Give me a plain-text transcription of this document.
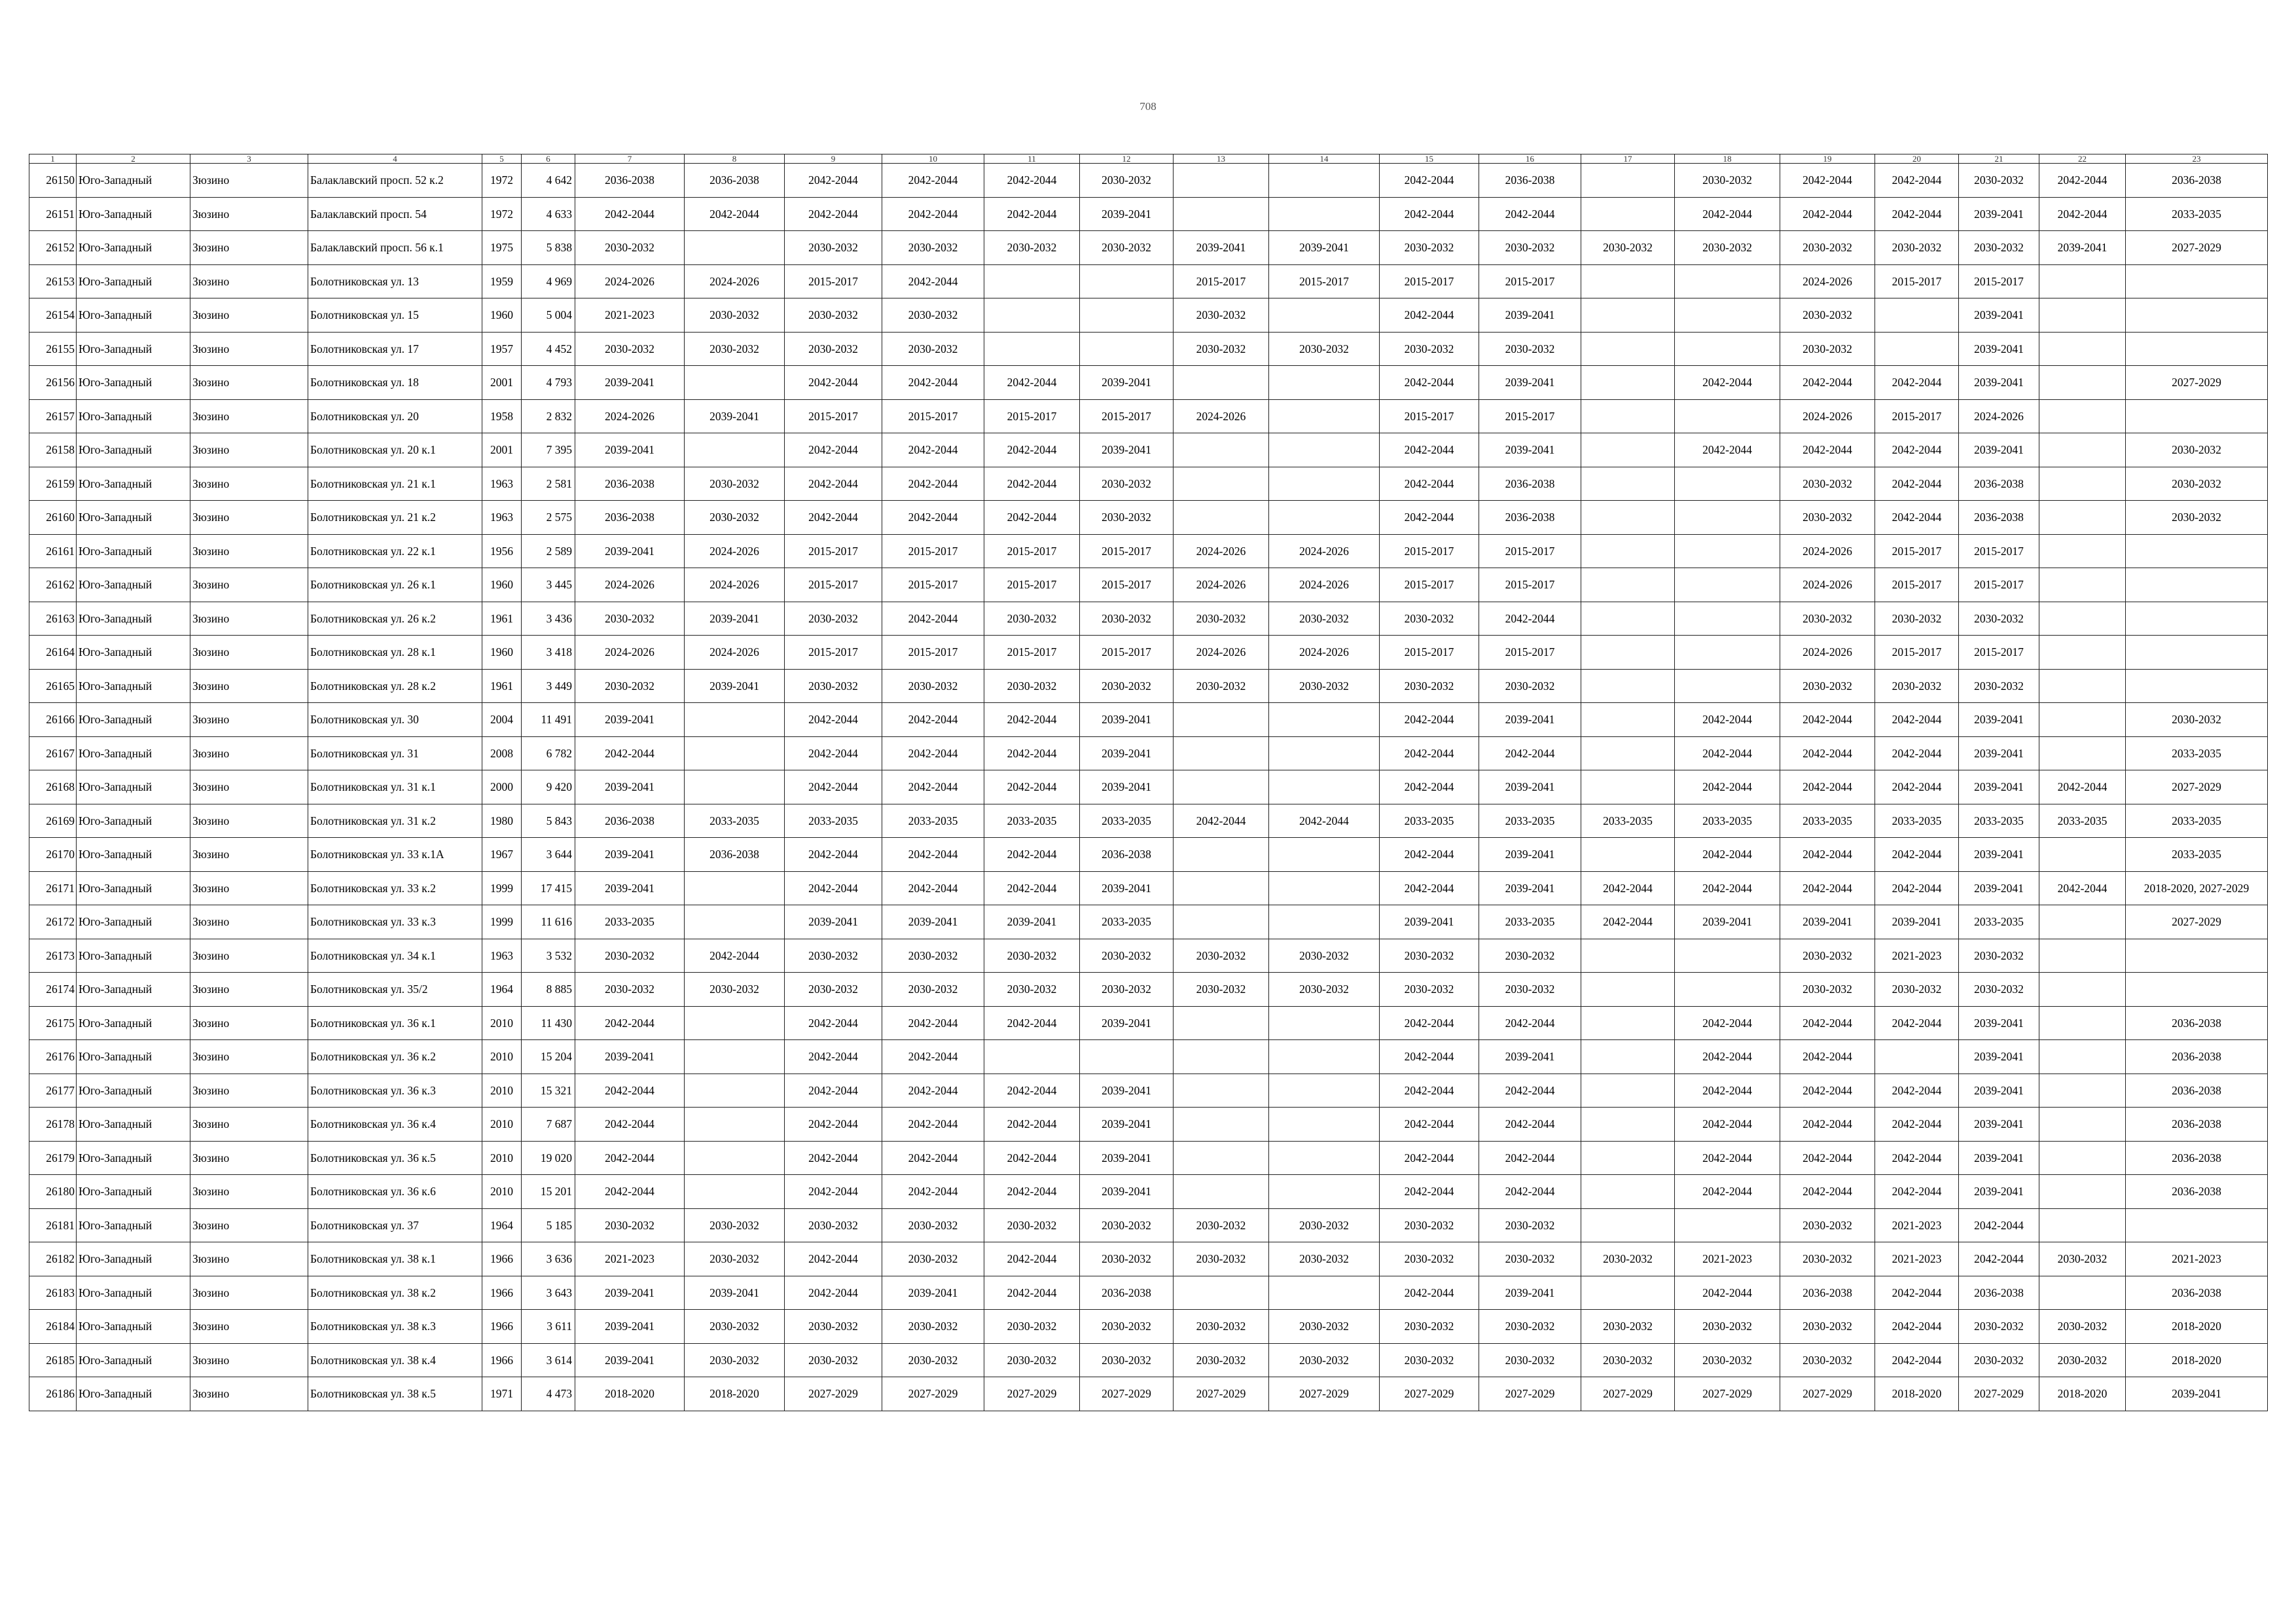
708
1	2	3	4	5	6	7	8	9	10	11	12	13	14	15	16	17	18	19	20	21	22	23
26150	Юго-Западный	Зюзино	Балаклавский просп. 52 к.2	1972	4 642	2036-2038	2036-2038	2042-2044	2042-2044	2042-2044	2030-2032			2042-2044	2036-2038		2030-2032	2042-2044	2042-2044	2030-2032	2042-2044	2036-2038
26151	Юго-Западный	Зюзино	Балаклавский просп. 54	1972	4 633	2042-2044	2042-2044	2042-2044	2042-2044	2042-2044	2039-2041			2042-2044	2042-2044		2042-2044	2042-2044	2042-2044	2039-2041	2042-2044	2033-2035
26152	Юго-Западный	Зюзино	Балаклавский просп. 56 к.1	1975	5 838	2030-2032		2030-2032	2030-2032	2030-2032	2030-2032	2039-2041	2039-2041	2030-2032	2030-2032	2030-2032	2030-2032	2030-2032	2030-2032	2030-2032	2039-2041	2027-2029
26153	Юго-Западный	Зюзино	Болотниковская ул. 13	1959	4 969	2024-2026	2024-2026	2015-2017	2042-2044			2015-2017	2015-2017	2015-2017	2015-2017			2024-2026	2015-2017	2015-2017		
26154	Юго-Западный	Зюзино	Болотниковская ул. 15	1960	5 004	2021-2023	2030-2032	2030-2032	2030-2032			2030-2032		2042-2044	2039-2041			2030-2032		2039-2041		
26155	Юго-Западный	Зюзино	Болотниковская ул. 17	1957	4 452	2030-2032	2030-2032	2030-2032	2030-2032			2030-2032	2030-2032	2030-2032	2030-2032			2030-2032		2039-2041		
26156	Юго-Западный	Зюзино	Болотниковская ул. 18	2001	4 793	2039-2041		2042-2044	2042-2044	2042-2044	2039-2041			2042-2044	2039-2041		2042-2044	2042-2044	2042-2044	2039-2041		2027-2029
26157	Юго-Западный	Зюзино	Болотниковская ул. 20	1958	2 832	2024-2026	2039-2041	2015-2017	2015-2017	2015-2017	2015-2017	2024-2026		2015-2017	2015-2017			2024-2026	2015-2017	2024-2026		
26158	Юго-Западный	Зюзино	Болотниковская ул. 20 к.1	2001	7 395	2039-2041		2042-2044	2042-2044	2042-2044	2039-2041			2042-2044	2039-2041		2042-2044	2042-2044	2042-2044	2039-2041		2030-2032
26159	Юго-Западный	Зюзино	Болотниковская ул. 21 к.1	1963	2 581	2036-2038	2030-2032	2042-2044	2042-2044	2042-2044	2030-2032			2042-2044	2036-2038			2030-2032	2042-2044	2036-2038		2030-2032
26160	Юго-Западный	Зюзино	Болотниковская ул. 21 к.2	1963	2 575	2036-2038	2030-2032	2042-2044	2042-2044	2042-2044	2030-2032			2042-2044	2036-2038			2030-2032	2042-2044	2036-2038		2030-2032
26161	Юго-Западный	Зюзино	Болотниковская ул. 22 к.1	1956	2 589	2039-2041	2024-2026	2015-2017	2015-2017	2015-2017	2015-2017	2024-2026	2024-2026	2015-2017	2015-2017			2024-2026	2015-2017	2015-2017		
26162	Юго-Западный	Зюзино	Болотниковская ул. 26 к.1	1960	3 445	2024-2026	2024-2026	2015-2017	2015-2017	2015-2017	2015-2017	2024-2026	2024-2026	2015-2017	2015-2017			2024-2026	2015-2017	2015-2017		
26163	Юго-Западный	Зюзино	Болотниковская ул. 26 к.2	1961	3 436	2030-2032	2039-2041	2030-2032	2042-2044	2030-2032	2030-2032	2030-2032	2030-2032	2030-2032	2042-2044			2030-2032	2030-2032	2030-2032		
26164	Юго-Западный	Зюзино	Болотниковская ул. 28 к.1	1960	3 418	2024-2026	2024-2026	2015-2017	2015-2017	2015-2017	2015-2017	2024-2026	2024-2026	2015-2017	2015-2017			2024-2026	2015-2017	2015-2017		
26165	Юго-Западный	Зюзино	Болотниковская ул. 28 к.2	1961	3 449	2030-2032	2039-2041	2030-2032	2030-2032	2030-2032	2030-2032	2030-2032	2030-2032	2030-2032	2030-2032			2030-2032	2030-2032	2030-2032		
26166	Юго-Западный	Зюзино	Болотниковская ул. 30	2004	11 491	2039-2041		2042-2044	2042-2044	2042-2044	2039-2041			2042-2044	2039-2041		2042-2044	2042-2044	2042-2044	2039-2041		2030-2032
26167	Юго-Западный	Зюзино	Болотниковская ул. 31	2008	6 782	2042-2044		2042-2044	2042-2044	2042-2044	2039-2041			2042-2044	2042-2044		2042-2044	2042-2044	2042-2044	2039-2041		2033-2035
26168	Юго-Западный	Зюзино	Болотниковская ул. 31 к.1	2000	9 420	2039-2041		2042-2044	2042-2044	2042-2044	2039-2041			2042-2044	2039-2041		2042-2044	2042-2044	2042-2044	2039-2041	2042-2044	2027-2029
26169	Юго-Западный	Зюзино	Болотниковская ул. 31 к.2	1980	5 843	2036-2038	2033-2035	2033-2035	2033-2035	2033-2035	2033-2035	2042-2044	2042-2044	2033-2035	2033-2035	2033-2035	2033-2035	2033-2035	2033-2035	2033-2035	2033-2035	2033-2035
26170	Юго-Западный	Зюзино	Болотниковская ул. 33 к.1А	1967	3 644	2039-2041	2036-2038	2042-2044	2042-2044	2042-2044	2036-2038			2042-2044	2039-2041		2042-2044	2042-2044	2042-2044	2039-2041		2033-2035
26171	Юго-Западный	Зюзино	Болотниковская ул. 33 к.2	1999	17 415	2039-2041		2042-2044	2042-2044	2042-2044	2039-2041			2042-2044	2039-2041	2042-2044	2042-2044	2042-2044	2042-2044	2039-2041	2042-2044	2018-2020, 2027-2029
26172	Юго-Западный	Зюзино	Болотниковская ул. 33 к.3	1999	11 616	2033-2035		2039-2041	2039-2041	2039-2041	2033-2035			2039-2041	2033-2035	2042-2044	2039-2041	2039-2041	2039-2041	2033-2035		2027-2029
26173	Юго-Западный	Зюзино	Болотниковская ул. 34 к.1	1963	3 532	2030-2032	2042-2044	2030-2032	2030-2032	2030-2032	2030-2032	2030-2032	2030-2032	2030-2032	2030-2032			2030-2032	2021-2023	2030-2032		
26174	Юго-Западный	Зюзино	Болотниковская ул. 35/2	1964	8 885	2030-2032	2030-2032	2030-2032	2030-2032	2030-2032	2030-2032	2030-2032	2030-2032	2030-2032	2030-2032			2030-2032	2030-2032	2030-2032		
26175	Юго-Западный	Зюзино	Болотниковская ул. 36 к.1	2010	11 430	2042-2044		2042-2044	2042-2044	2042-2044	2039-2041			2042-2044	2042-2044		2042-2044	2042-2044	2042-2044	2039-2041		2036-2038
26176	Юго-Западный	Зюзино	Болотниковская ул. 36 к.2	2010	15 204	2039-2041		2042-2044	2042-2044					2042-2044	2039-2041		2042-2044	2042-2044		2039-2041		2036-2038
26177	Юго-Западный	Зюзино	Болотниковская ул. 36 к.3	2010	15 321	2042-2044		2042-2044	2042-2044	2042-2044	2039-2041			2042-2044	2042-2044		2042-2044	2042-2044	2042-2044	2039-2041		2036-2038
26178	Юго-Западный	Зюзино	Болотниковская ул. 36 к.4	2010	7 687	2042-2044		2042-2044	2042-2044	2042-2044	2039-2041			2042-2044	2042-2044		2042-2044	2042-2044	2042-2044	2039-2041		2036-2038
26179	Юго-Западный	Зюзино	Болотниковская ул. 36 к.5	2010	19 020	2042-2044		2042-2044	2042-2044	2042-2044	2039-2041			2042-2044	2042-2044		2042-2044	2042-2044	2042-2044	2039-2041		2036-2038
26180	Юго-Западный	Зюзино	Болотниковская ул. 36 к.6	2010	15 201	2042-2044		2042-2044	2042-2044	2042-2044	2039-2041			2042-2044	2042-2044		2042-2044	2042-2044	2042-2044	2039-2041		2036-2038
26181	Юго-Западный	Зюзино	Болотниковская ул. 37	1964	5 185	2030-2032	2030-2032	2030-2032	2030-2032	2030-2032	2030-2032	2030-2032	2030-2032	2030-2032	2030-2032			2030-2032	2021-2023	2042-2044		
26182	Юго-Западный	Зюзино	Болотниковская ул. 38 к.1	1966	3 636	2021-2023	2030-2032	2042-2044	2030-2032	2042-2044	2030-2032	2030-2032	2030-2032	2030-2032	2030-2032	2030-2032	2021-2023	2030-2032	2021-2023	2042-2044	2030-2032	2021-2023
26183	Юго-Западный	Зюзино	Болотниковская ул. 38 к.2	1966	3 643	2039-2041	2039-2041	2042-2044	2039-2041	2042-2044	2036-2038			2042-2044	2039-2041		2042-2044	2036-2038	2042-2044	2036-2038		2036-2038
26184	Юго-Западный	Зюзино	Болотниковская ул. 38 к.3	1966	3 611	2039-2041	2030-2032	2030-2032	2030-2032	2030-2032	2030-2032	2030-2032	2030-2032	2030-2032	2030-2032	2030-2032	2030-2032	2030-2032	2042-2044	2030-2032	2030-2032	2018-2020
26185	Юго-Западный	Зюзино	Болотниковская ул. 38 к.4	1966	3 614	2039-2041	2030-2032	2030-2032	2030-2032	2030-2032	2030-2032	2030-2032	2030-2032	2030-2032	2030-2032	2030-2032	2030-2032	2030-2032	2042-2044	2030-2032	2030-2032	2018-2020
26186	Юго-Западный	Зюзино	Болотниковская ул. 38 к.5	1971	4 473	2018-2020	2018-2020	2027-2029	2027-2029	2027-2029	2027-2029	2027-2029	2027-2029	2027-2029	2027-2029	2027-2029	2027-2029	2027-2029	2018-2020	2027-2029	2018-2020	2039-2041
